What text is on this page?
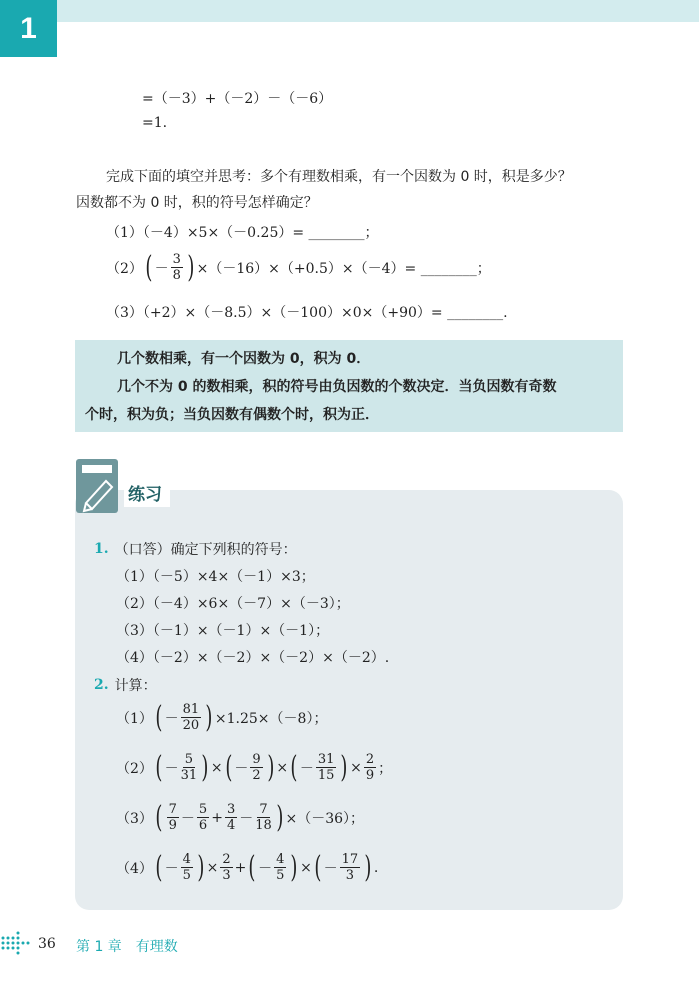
1
=（－3）+（－2）－（－6）
=1.
完成下面的填空并思考：多个有理数相乘，有一个因数为 0 时，积是多少？
因数都不为 0 时，积的符号怎样确定？
（1）（－4）×5×（－0.25）= ________；
（2） ( － $\frac{3}{8}$ ) ×（－16）×（+0.5）×（－4）= ________；
（3）（+2）×（－8.5）×（－100）×0×（+90）= ________.

几个数相乘，有一个因数为 0，积为 0．

几个不为 0 的数相乘，积的符号由负因数的个数决定．当负因数有奇数

个时，积为负；当负因数有偶数个时，积为正．

练习
1. （口答）确定下列积的符号：
（1）（－5）×4×（－1）×3；
（2）（－4）×6×（－7）×（－3）；
（3）（－1）×（－1）×（－1）；
（4）（－2）×（－2）×（－2）×（－2）.
2. 计算：
（1） ( － $\frac{81}{20}$ ) ×1.25×（－8）；
（2） ( － $\frac{5}{31}$ ) × ( － $\frac{9}{2}$ ) × ( － $\frac{31}{15}$ ) × $\frac{2}{9}$ ；
（3） ( $\frac{7}{9} - \frac{5}{6} + \frac{3}{4} - \frac{7}{18}$ ) ×（－36）；
（4） ( － $\frac{4}{5}$ ) × $\frac{2}{3}$ + ( － $\frac{4}{5}$ ) × ( － $\frac{17}{3}$ ) .
36 第 1 章　有理数
